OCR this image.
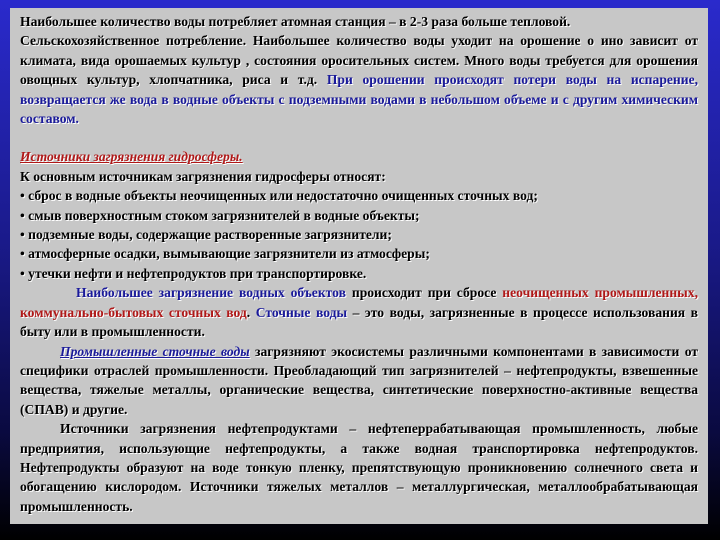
Наибольшее количество воды потребляет атомная станция – в 2-3 раза больше тепловой.

Сельскохозяйственное потребление. Наибольшее количество воды уходит на орошение о ино зависит от климата, вида орошаемых культур , состояния оросительных систем. Много воды требуется для орошения овощных культур, хлопчатника, риса и т.д. При орошении происходят потери воды на испарение, возвращается же вода в водные объекты с подземными водами в небольшом объеме и с другим химическим составом.

Источники загрязнения гидросферы.

К основным источникам загрязнения гидросферы относят:

• сброс в водные объекты неочищенных или недостаточно очищенных сточных вод;

• смыв поверхностным стоком загрязнителей в водные объекты;

• подземные воды, содержащие растворенные загрязнители;

• атмосферные осадки, вымывающие загрязнители из атмосферы;

• утечки нефти и нефтепродуктов при транспортировке.

Наибольшее загрязнение водных объектов происходит при сбросе неочищенных промышленных, коммунально-бытовых сточных вод. Сточные воды – это воды, загрязненные в процессе использования в быту или в промышленности.

Промышленные сточные воды загрязняют экосистемы различными компонентами в зависимости от специфики отраслей промышленности. Преобладающий тип загрязнителей – нефтепродукты, взвешенные вещества, тяжелые металлы, органические вещества, синтетические поверхностно-активные вещества (СПАВ) и другие.

Источники загрязнения нефтепродуктами – нефтеперрабатывающая промышленность, любые предприятия, использующие нефтепродукты, а также водная транспортировка нефтепродуктов. Нефтепродукты образуют на воде тонкую пленку, препятствующую проникновению солнечного света и обогащению кислородом. Источники тяжелых металлов – металлургическая, металлообрабатывающая промышленность.
